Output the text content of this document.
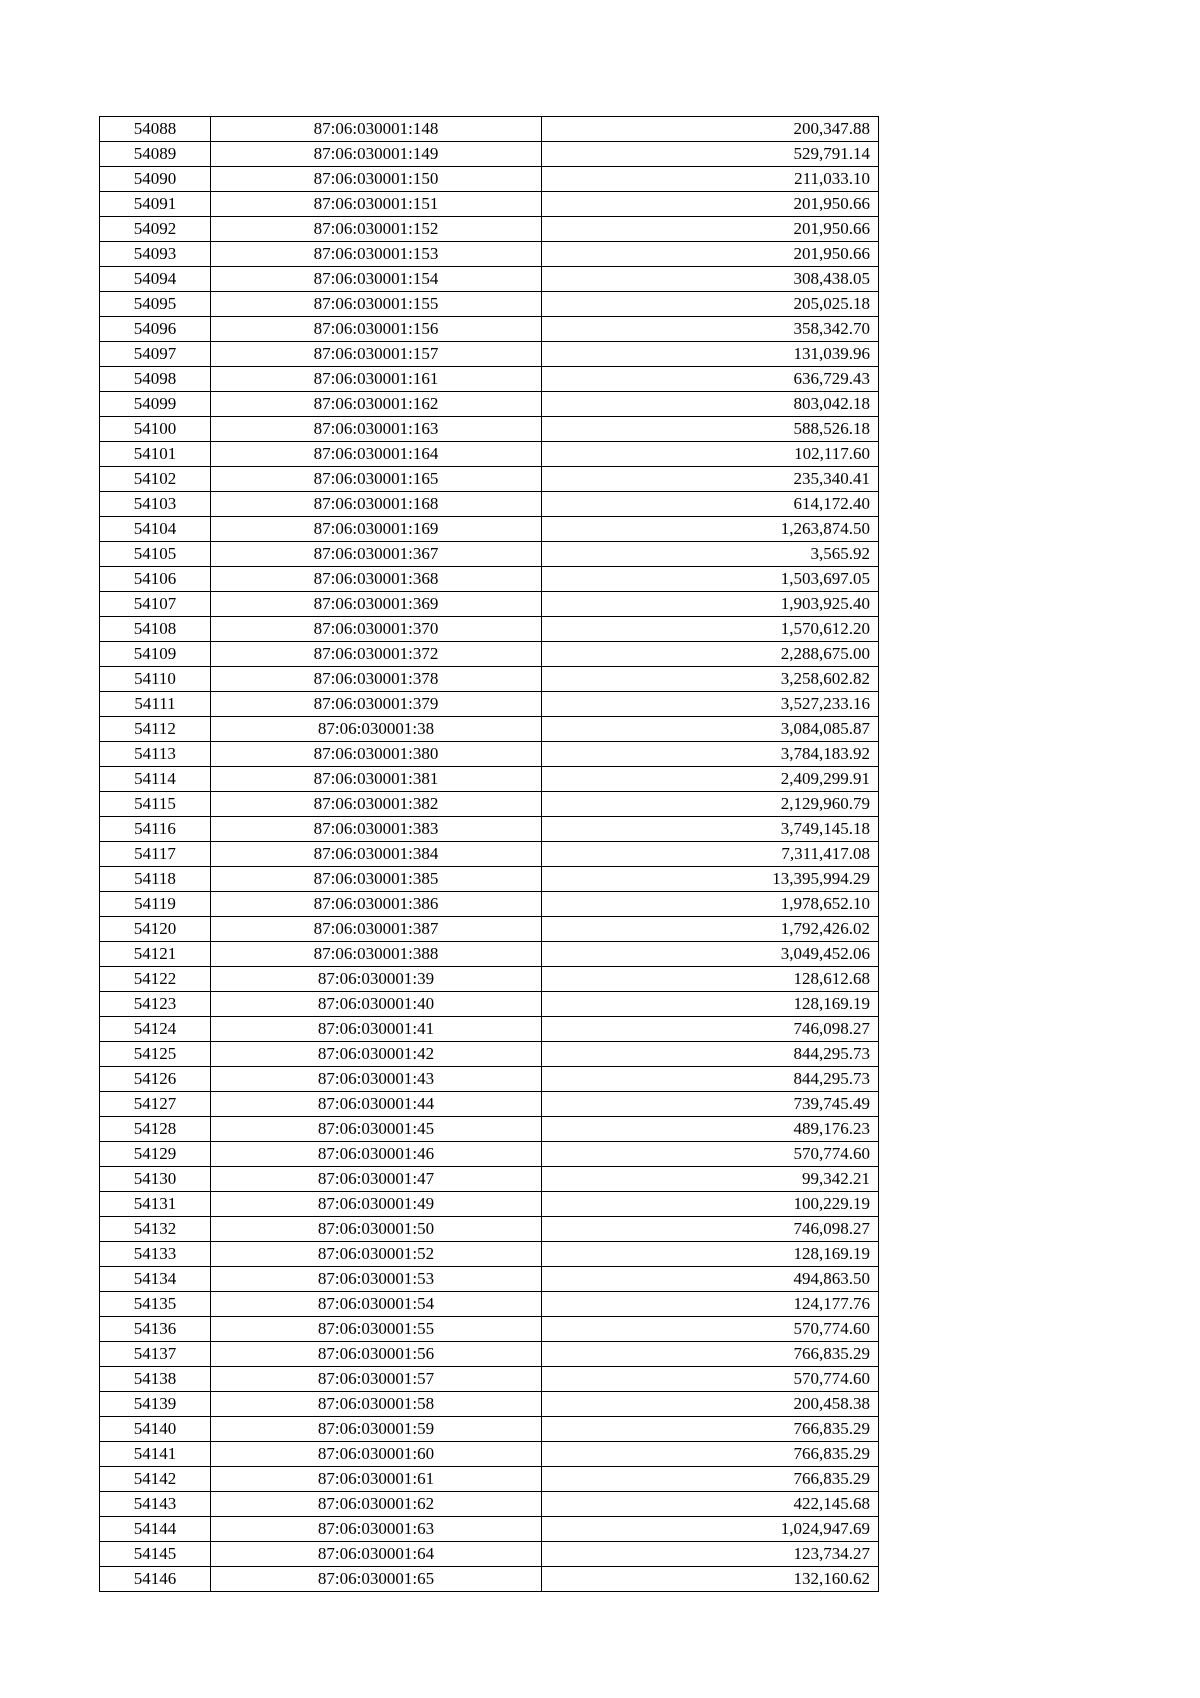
54088	87:06:030001:148	200,347.88
54089	87:06:030001:149	529,791.14
54090	87:06:030001:150	211,033.10
54091	87:06:030001:151	201,950.66
54092	87:06:030001:152	201,950.66
54093	87:06:030001:153	201,950.66
54094	87:06:030001:154	308,438.05
54095	87:06:030001:155	205,025.18
54096	87:06:030001:156	358,342.70
54097	87:06:030001:157	131,039.96
54098	87:06:030001:161	636,729.43
54099	87:06:030001:162	803,042.18
54100	87:06:030001:163	588,526.18
54101	87:06:030001:164	102,117.60
54102	87:06:030001:165	235,340.41
54103	87:06:030001:168	614,172.40
54104	87:06:030001:169	1,263,874.50
54105	87:06:030001:367	3,565.92
54106	87:06:030001:368	1,503,697.05
54107	87:06:030001:369	1,903,925.40
54108	87:06:030001:370	1,570,612.20
54109	87:06:030001:372	2,288,675.00
54110	87:06:030001:378	3,258,602.82
54111	87:06:030001:379	3,527,233.16
54112	87:06:030001:38	3,084,085.87
54113	87:06:030001:380	3,784,183.92
54114	87:06:030001:381	2,409,299.91
54115	87:06:030001:382	2,129,960.79
54116	87:06:030001:383	3,749,145.18
54117	87:06:030001:384	7,311,417.08
54118	87:06:030001:385	13,395,994.29
54119	87:06:030001:386	1,978,652.10
54120	87:06:030001:387	1,792,426.02
54121	87:06:030001:388	3,049,452.06
54122	87:06:030001:39	128,612.68
54123	87:06:030001:40	128,169.19
54124	87:06:030001:41	746,098.27
54125	87:06:030001:42	844,295.73
54126	87:06:030001:43	844,295.73
54127	87:06:030001:44	739,745.49
54128	87:06:030001:45	489,176.23
54129	87:06:030001:46	570,774.60
54130	87:06:030001:47	99,342.21
54131	87:06:030001:49	100,229.19
54132	87:06:030001:50	746,098.27
54133	87:06:030001:52	128,169.19
54134	87:06:030001:53	494,863.50
54135	87:06:030001:54	124,177.76
54136	87:06:030001:55	570,774.60
54137	87:06:030001:56	766,835.29
54138	87:06:030001:57	570,774.60
54139	87:06:030001:58	200,458.38
54140	87:06:030001:59	766,835.29
54141	87:06:030001:60	766,835.29
54142	87:06:030001:61	766,835.29
54143	87:06:030001:62	422,145.68
54144	87:06:030001:63	1,024,947.69
54145	87:06:030001:64	123,734.27
54146	87:06:030001:65	132,160.62
